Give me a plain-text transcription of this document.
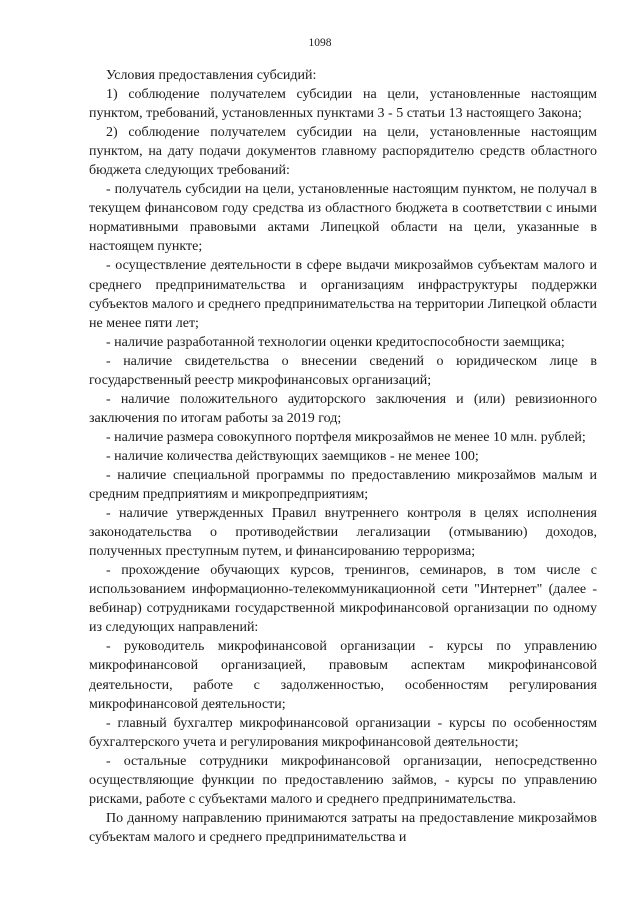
1098

Условия предоставления субсидий:

1) соблюдение получателем субсидии на цели, установленные настоящим пунктом, требований, установленных пунктами 3 - 5 статьи 13 настоящего Закона;

2) соблюдение получателем субсидии на цели, установленные настоящим пунктом, на дату подачи документов главному распорядителю средств областного бюджета следующих требований:

- получатель субсидии на цели, установленные настоящим пунктом, не получал в текущем финансовом году средства из областного бюджета в соответствии с иными нормативными правовыми актами Липецкой области на цели, указанные в настоящем пункте;

- осуществление деятельности в сфере выдачи микрозаймов субъектам малого и среднего предпринимательства и организациям инфраструктуры поддержки субъектов малого и среднего предпринимательства на территории Липецкой области не менее пяти лет;

- наличие разработанной технологии оценки кредитоспособности заемщика;

- наличие свидетельства о внесении сведений о юридическом лице в государственный реестр микрофинансовых организаций;

- наличие положительного аудиторского заключения и (или) ревизионного заключения по итогам работы за 2019 год;

- наличие размера совокупного портфеля микрозаймов не менее 10 млн. рублей;

- наличие количества действующих заемщиков - не менее 100;

- наличие специальной программы по предоставлению микрозаймов малым и средним предприятиям и микропредприятиям;

- наличие утвержденных Правил внутреннего контроля в целях исполнения законодательства о противодействии легализации (отмыванию) доходов, полученных преступным путем, и финансированию терроризма;

- прохождение обучающих курсов, тренингов, семинаров, в том числе с использованием информационно-телекоммуникационной сети "Интернет" (далее - вебинар) сотрудниками государственной микрофинансовой организации по одному из следующих направлений:

- руководитель микрофинансовой организации - курсы по управлению микрофинансовой организацией, правовым аспектам микрофинансовой деятельности, работе с задолженностью, особенностям регулирования микрофинансовой деятельности;

- главный бухгалтер микрофинансовой организации - курсы по особенностям бухгалтерского учета и регулирования микрофинансовой деятельности;

- остальные сотрудники микрофинансовой организации, непосредственно осуществляющие функции по предоставлению займов, - курсы по управлению рисками, работе с субъектами малого и среднего предпринимательства.

По данному направлению принимаются затраты на предоставление микрозаймов субъектам малого и среднего предпринимательства и
